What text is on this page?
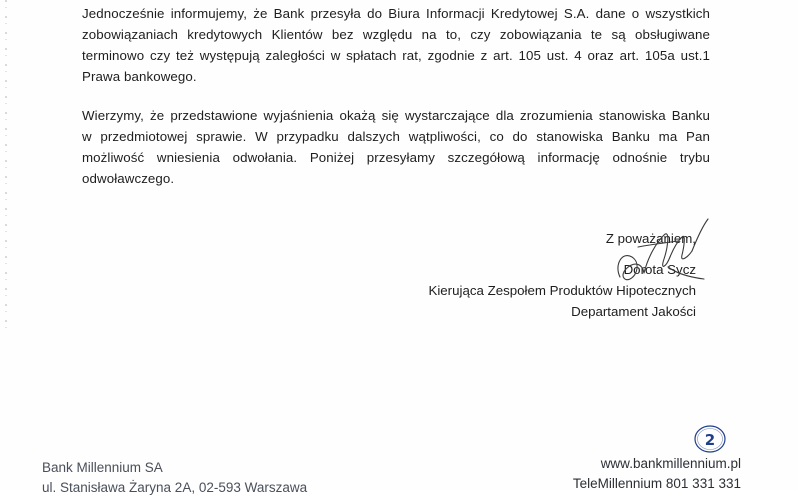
Jednocześnie informujemy, że Bank przesyła do Biura Informacji Kredytowej S.A. dane o wszystkich
zobowiązaniach kredytowych Klientów bez względu na to, czy zobowiązania te są obsługiwane
terminowo czy też występują zaległości w spłatach rat, zgodnie z art. 105 ust. 4 oraz art. 105a ust.1
Prawa bankowego.
Wierzymy, że przedstawione wyjaśnienia okażą się wystarczające dla zrozumienia stanowiska Banku
w przedmiotowej sprawie. W przypadku dalszych wątpliwości, co do stanowiska Banku ma Pan
możliwość wniesienia odwołania. Poniżej przesyłamy szczegółową informację odnośnie trybu
odwoławczego.
Z poważaniem,
Dorota Sycz
Kierująca Zespołem Produktów Hipotecznych
Departament Jakości
2
Bank Millennium SA
ul. Stanisława Żaryna 2A, 02-593 Warszawa
www.bankmillennium.pl
TeleMillennium 801 331 331
